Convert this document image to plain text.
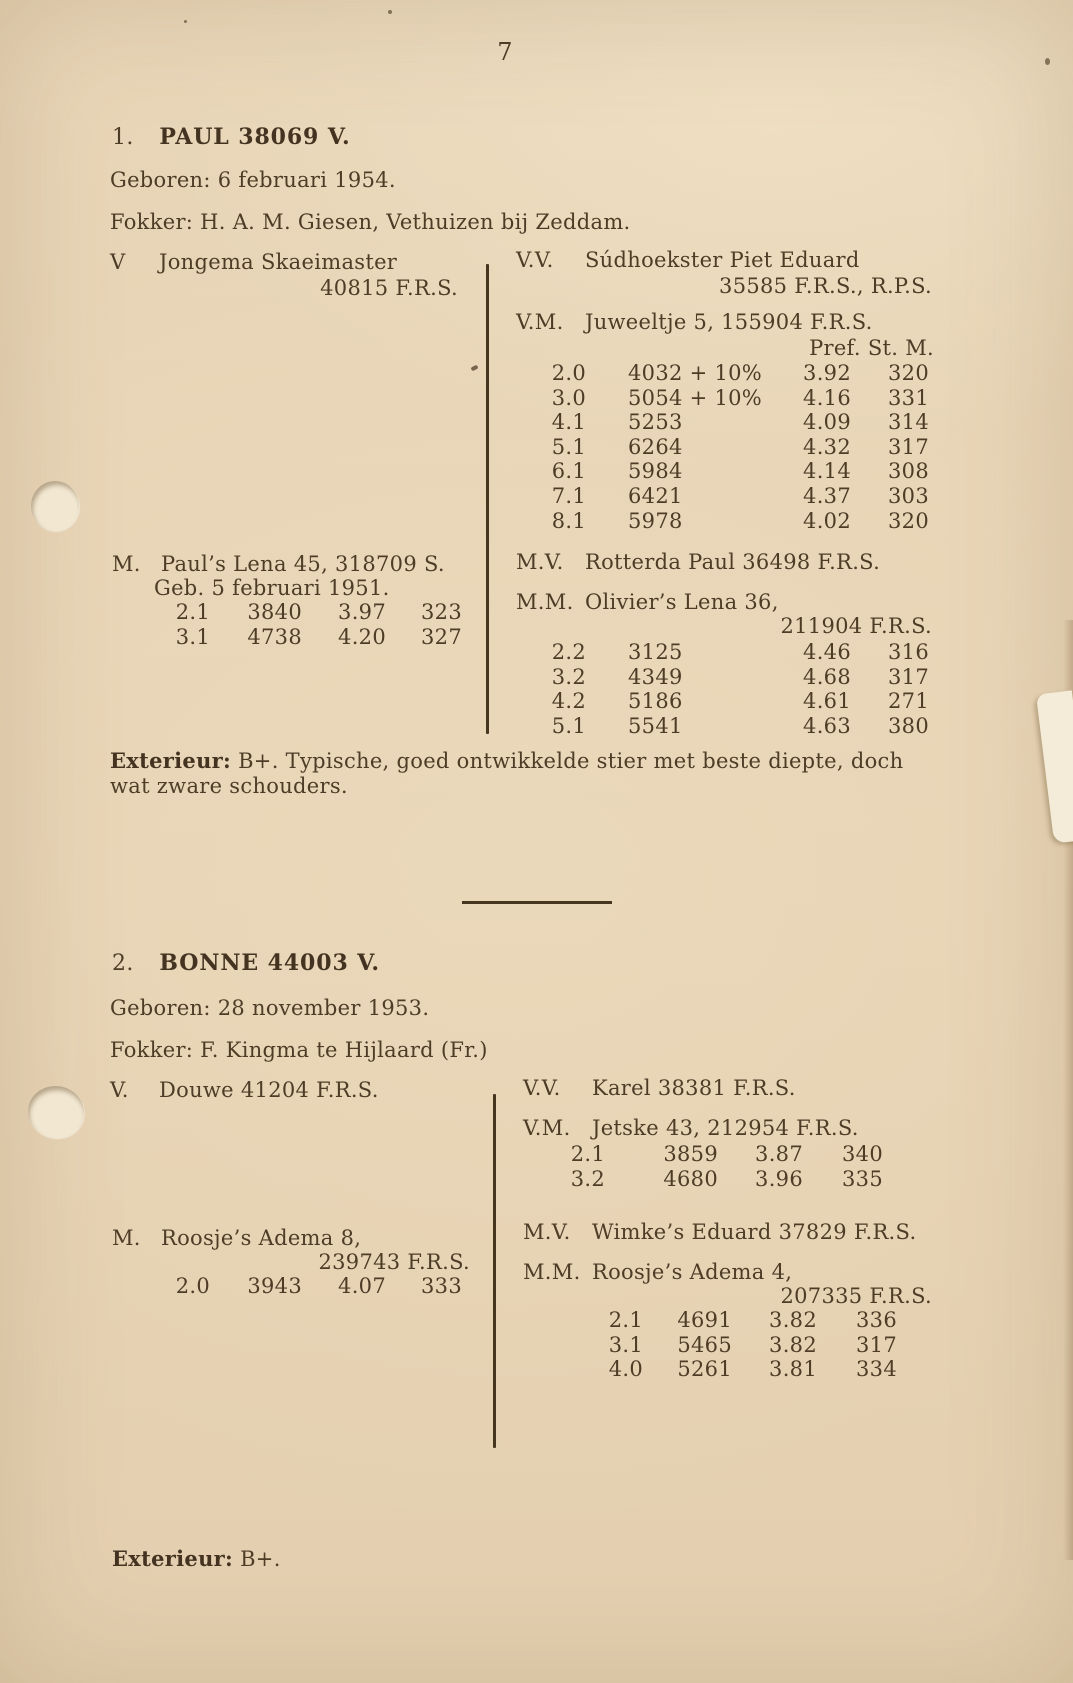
7
1. PAUL 38069 V.
Geboren: 6 februari 1954.
Fokker: H. A. M. Giesen, Vethuizen bij Zeddam.
V Jongema Skaeimaster
40815 F.R.S.
M. Paul’s Lena 45, 318709 S.
Geb. 5 februari 1951.
2.1	3840	3.97	323
3.1	4738	4.20	327
V.V. Súdhoekster Piet Eduard
35585 F.R.S., R.P.S.
V.M. Juweeltje 5, 155904 F.R.S.
Pref. St. M.
2.0	4032 + 10%	3.92	320
3.0	5054 + 10%	4.16	331
4.1	5253	4.09	314
5.1	6264	4.32	317
6.1	5984	4.14	308
7.1	6421	4.37	303
8.1	5978	4.02	320
M.V. Rotterda Paul 36498 F.R.S.
M.M. Olivier’s Lena 36,
211904 F.R.S.
2.2	3125	4.46	316
3.2	4349	4.68	317
4.2	5186	4.61	271
5.1	5541	4.63	380
Exterieur: B+. Typische, goed ontwikkelde stier met beste diepte, doch
wat zware schouders.
2. BONNE 44003 V.
Geboren: 28 november 1953.
Fokker: F. Kingma te Hijlaard (Fr.)
V. Douwe 41204 F.R.S.
M. Roosje’s Adema 8,
239743 F.R.S.
2.0	3943	4.07	333
V.V. Karel 38381 F.R.S.
V.M. Jetske 43, 212954 F.R.S.
2.1	3859	3.87	340
3.2	4680	3.96	335
M.V. Wimke’s Eduard 37829 F.R.S.
M.M. Roosje’s Adema 4,
207335 F.R.S.
2.1	4691	3.82	336
3.1	5465	3.82	317
4.0	5261	3.81	334
Exterieur: B+.
